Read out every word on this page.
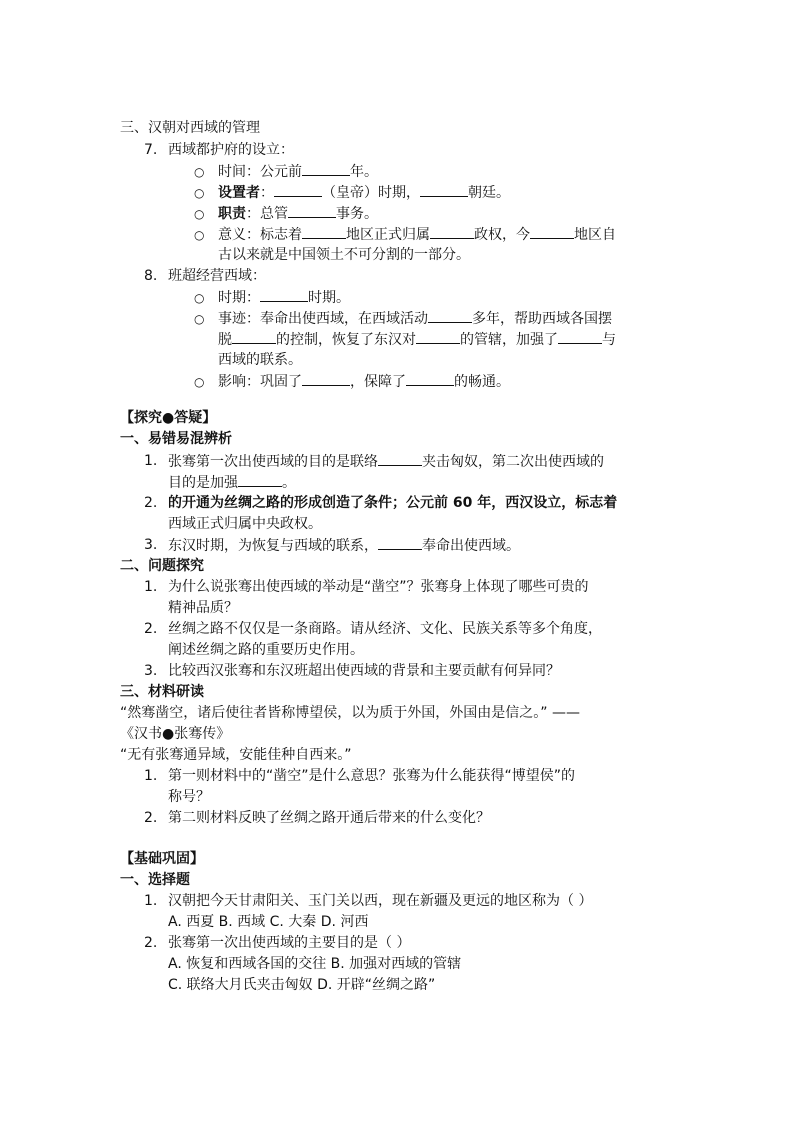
三、汉朝对西域的管理
7. 西域都护府的设立：
○ 时间：公元前	年。
○ 设置者：	（皇帝）时期，	朝廷。
○ 职责：总管	事务。
○ 意义：标志着	地区正式归属	政权，今	地区自
古以来就是中国领土不可分割的一部分。
8. 班超经营西域：
○ 时期：	时期。
○ 事迹：奉命出使西域，在西域活动	多年，帮助西域各国摆
脱	的控制，恢复了东汉对	的管辖，加强了	与
西域的联系。
○ 影响：巩固了	，保障了	的畅通。
【探究●答疑】
一、易错易混辨析
1. 张骞第一次出使西域的目的是联络	夹击匈奴，第二次出使西域的
目的是加强	。
2. 的开通为丝绸之路的形成创造了条件；公元前 60 年，西汉设立，标志着
西域正式归属中央政权。
3. 东汉时期，为恢复与西域的联系，	奉命出使西域。
二、问题探究
1. 为什么说张骞出使西域的举动是“凿空”？张骞身上体现了哪些可贵的
精神品质？
2. 丝绸之路不仅仅是一条商路。请从经济、文化、民族关系等多个角度，
阐述丝绸之路的重要历史作用。
3. 比较西汉张骞和东汉班超出使西域的背景和主要贡献有何异同？
三、材料研读
“然骞凿空，诸后使往者皆称博望侯，以为质于外国，外国由是信之。” ——
《汉书●张骞传》
“无有张骞通异域，安能佳种自西来。”
1. 第一则材料中的“凿空”是什么意思？张骞为什么能获得“博望侯”的
称号？
2. 第二则材料反映了丝绸之路开通后带来的什么变化？
【基础巩固】
一、选择题
1. 汉朝把今天甘肃阳关、玉门关以西，现在新疆及更远的地区称为（ ）
A. 西夏 B. 西域 C. 大秦 D. 河西
2. 张骞第一次出使西域的主要目的是（ ）
A. 恢复和西域各国的交往 B. 加强对西域的管辖
C. 联络大月氏夹击匈奴 D. 开辟“丝绸之路”
